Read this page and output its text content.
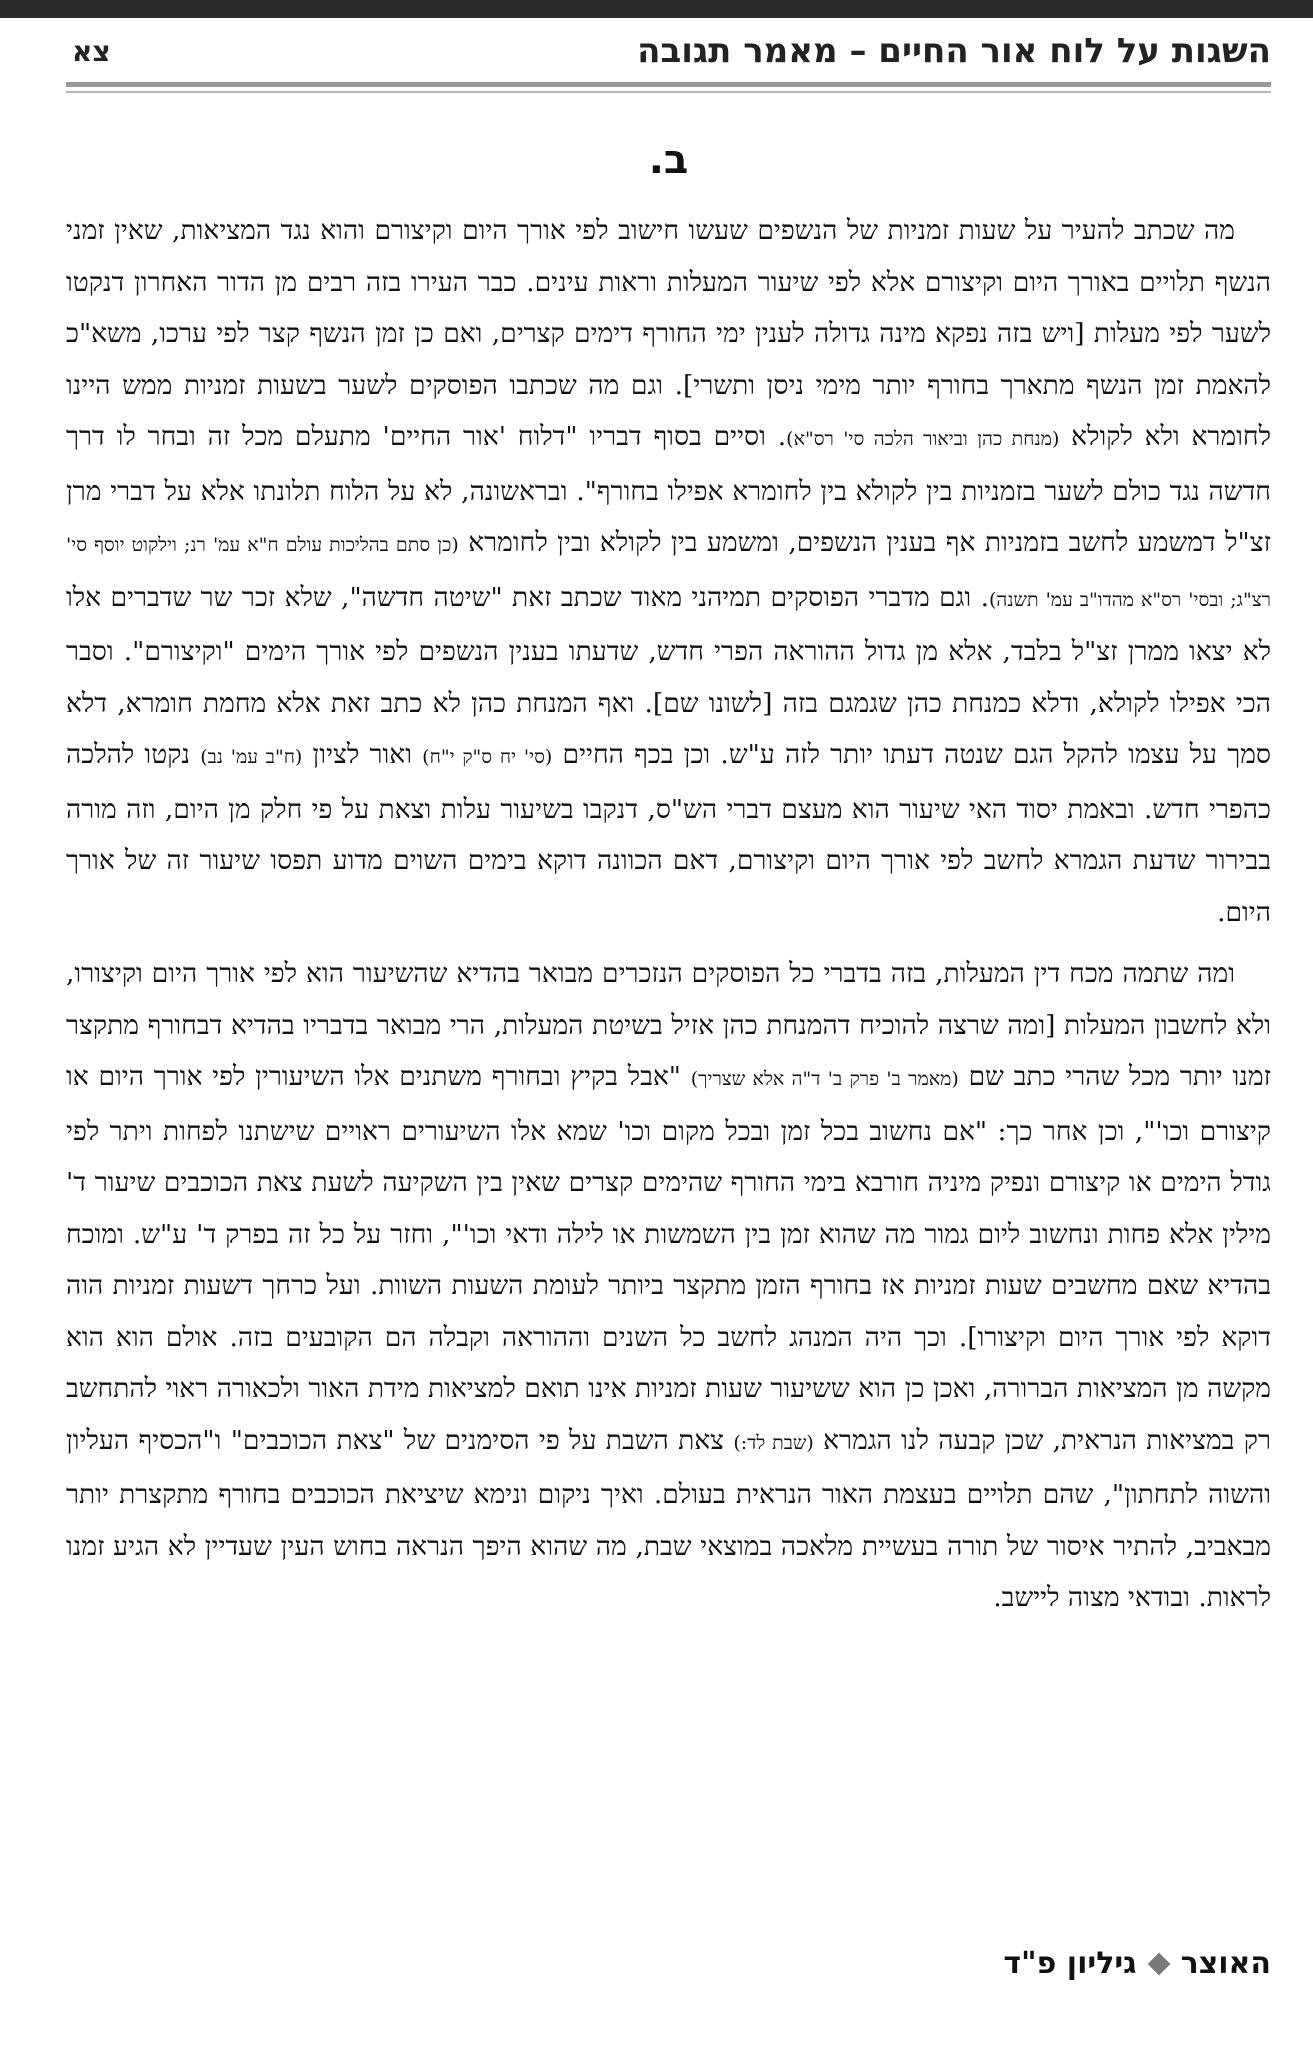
השגות על לוח אור החיים – מאמר תגובה
צא
ב.

מה שכתב להעיר על שעות זמניות של הנשפים שעשו חישוב לפי אורך היום וקיצורם והוא נגד המציאות, שאין זמני הנשף תלויים באורך היום וקיצורם אלא לפי שיעור המעלות וראות עינים. כבר העירו בזה רבים מן הדור האחרון דנקטו לשער לפי מעלות [ויש בזה נפקא מינה גדולה לענין ימי החורף דימים קצרים, ואם כן זמן הנשף קצר לפי ערכו, משא"כ להאמת זמן הנשף מתארך בחורף יותר מימי ניסן ותשרי]. וגם מה שכתבו הפוסקים לשער בשעות זמניות ממש היינו לחומרא ולא לקולא (מנחת כהן וביאור הלכה סי' רס"א). וסיים בסוף דבריו "דלוח 'אור החיים' מתעלם מכל זה ובחר לו דרך חדשה נגד כולם לשער בזמניות בין לקולא בין לחומרא אפילו בחורף". ובראשונה, לא על הלוח תלונתו אלא על דברי מרן זצ"ל דמשמע לחשב בזמניות אף בענין הנשפים, ומשמע בין לקולא ובין לחומרא (כן סתם בהליכות עולם ח"א עמ' רנ; וילקוט יוסף סי' רצ"ג; ובסי' רס"א מהדו"ב עמ' תשנה). וגם מדברי הפוסקים תמיהני מאוד שכתב זאת "שיטה חדשה", שלא זכר שר שדברים אלו לא יצאו ממרן זצ"ל בלבד, אלא מן גדול ההוראה הפרי חדש, שדעתו בענין הנשפים לפי אורך הימים "וקיצורם". וסבר הכי אפילו לקולא, ודלא כמנחת כהן שגמגם בזה [לשונו שם]. ואף המנחת כהן לא כתב זאת אלא מחמת חומרא, דלא סמך על עצמו להקל הגם שנטה דעתו יותר לזה ע"ש. וכן בכף החיים (סי' יח ס"ק י"ח) ואור לציון (ח"ב עמ' נב) נקטו להלכה כהפרי חדש. ובאמת יסוד האי שיעור הוא מעצם דברי הש"ס, דנקבו בשיעור עלות וצאת על פי חלק מן היום, וזה מורה בבירור שדעת הגמרא לחשב לפי אורך היום וקיצורם, דאם הכוונה דוקא בימים השוים מדוע תפסו שיעור זה של אורך היום.

ומה שתמה מכח דין המעלות, בזה בדברי כל הפוסקים הנזכרים מבואר בהדיא שהשיעור הוא לפי אורך היום וקיצורו, ולא לחשבון המעלות [ומה שרצה להוכיח דהמנחת כהן אזיל בשיטת המעלות, הרי מבואר בדבריו בהדיא דבחורף מתקצר זמנו יותר מכל שהרי כתב שם (מאמר ב' פרק ב' ד"ה אלא שצריך) "אבל בקיץ ובחורף משתנים אלו השיעורין לפי אורך היום או קיצורם וכו'", וכן אחר כך: "אם נחשוב בכל זמן ובכל מקום וכו' שמא אלו השיעורים ראויים שישתנו לפחות ויתר לפי גודל הימים או קיצורם ונפיק מיניה חורבא בימי החורף שהימים קצרים שאין בין השקיעה לשעת צאת הכוכבים שיעור ד' מילין אלא פחות ונחשוב ליום גמור מה שהוא זמן בין השמשות או לילה ודאי וכו'", וחזר על כל זה בפרק ד' ע"ש. ומוכח בהדיא שאם מחשבים שעות זמניות אז בחורף הזמן מתקצר ביותר לעומת השעות השוות. ועל כרחך דשעות זמניות הוה דוקא לפי אורך היום וקיצורו]. וכך היה המנהג לחשב כל השנים וההוראה וקבלה הם הקובעים בזה. אולם הוא הוא מקשה מן המציאות הברורה, ואכן כן הוא ששיעור שעות זמניות אינו תואם למציאות מידת האור ולכאורה ראוי להתחשב רק במציאות הנראית, שכן קבעה לנו הגמרא (שבת לד:) צאת השבת על פי הסימנים של "צאת הכוכבים" ו"הכסיף העליון והשוה לתחתון", שהם תלויים בעצמת האור הנראית בעולם. ואיך ניקום ונימא שיציאת הכוכבים בחורף מתקצרת יותר מבאביב, להתיר איסור של תורה בעשיית מלאכה במוצאי שבת, מה שהוא היפך הנראה בחוש העין שעדיין לא הגיע זמנו לראות. ובודאי מצוה ליישב.

האוצר
גיליון פ"ד
